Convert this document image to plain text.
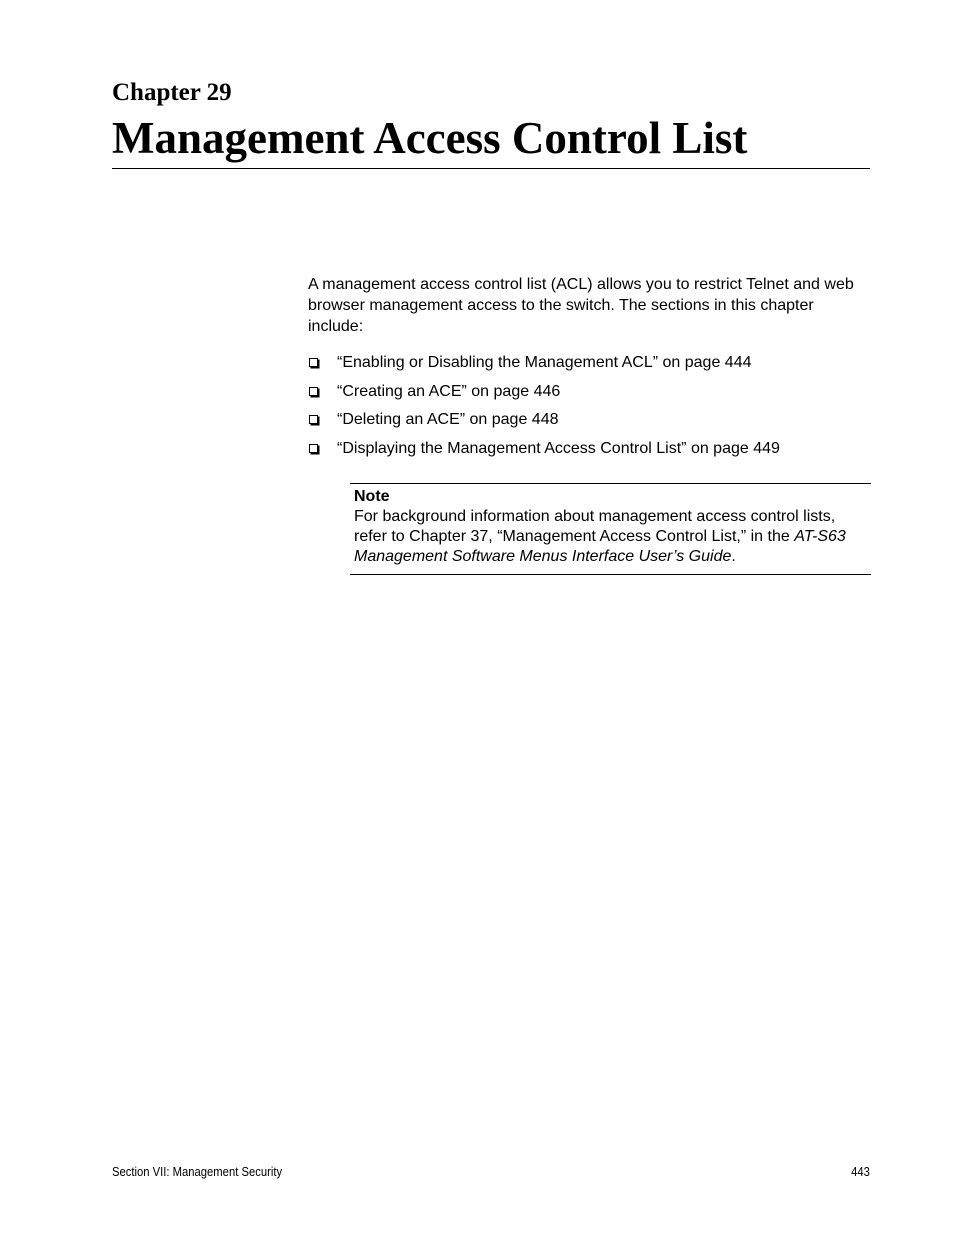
Chapter 29
Management Access Control List

A management access control list (ACL) allows you to restrict Telnet and web browser management access to the switch. The sections in this chapter include:

“Enabling or Disabling the Management ACL” on page 444
“Creating an ACE” on page 446
“Deleting an ACE” on page 448
“Displaying the Management Access Control List” on page 449
Note

For background information about management access control lists, refer to Chapter 37, “Management Access Control List,” in the AT-S63 Management Software Menus Interface User’s Guide.

Section VII: Management Security	443
